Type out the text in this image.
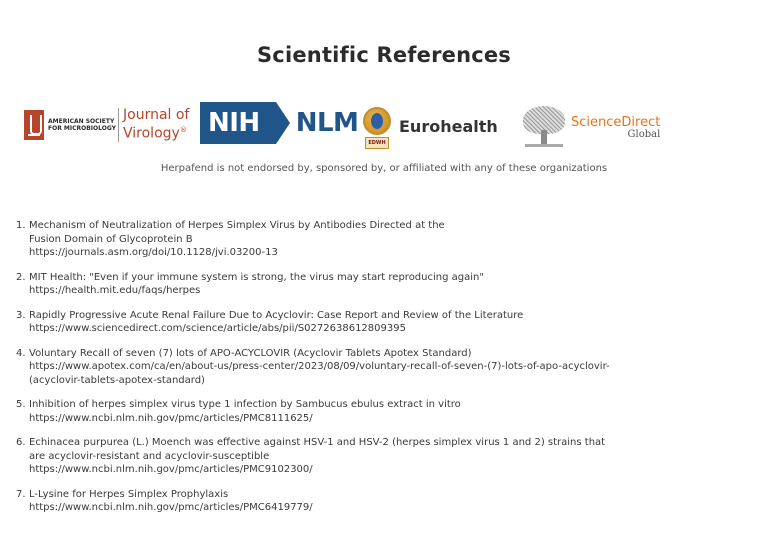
Scientific References
AMERICAN SOCIETY FOR MICROBIOLOGY
Journal of
Virology® NIH	NLM
EDWH
Eurohealth	ScienceDirect
Global

Herpafend is not endorsed by, sponsored by, or affiliated with any of these organizations

1. Mechanism of Neutralization of Herpes Simplex Virus by Antibodies Directed at the
Fusion Domain of Glycoprotein B
https://journals.asm.org/doi/10.1128/jvi.03200-13
2. MIT Health: "Even if your immune system is strong, the virus may start reproducing again"
https://health.mit.edu/faqs/herpes
3. Rapidly Progressive Acute Renal Failure Due to Acyclovir: Case Report and Review of the Literature
https://www.sciencedirect.com/science/article/abs/pii/S0272638612809395
4. Voluntary Recall of seven (7) lots of APO-ACYCLOVIR (Acyclovir Tablets Apotex Standard)
https://www.apotex.com/ca/en/about-us/press-center/2023/08/09/voluntary-recall-of-seven-(7)-lots-of-apo-acyclovir-
(acyclovir-tablets-apotex-standard)
5. Inhibition of herpes simplex virus type 1 infection by Sambucus ebulus extract in vitro
https://www.ncbi.nlm.nih.gov/pmc/articles/PMC8111625/
6. Echinacea purpurea (L.) Moench was effective against HSV-1 and HSV-2 (herpes simplex virus 1 and 2) strains that
are acyclovir-resistant and acyclovir-susceptible
https://www.ncbi.nlm.nih.gov/pmc/articles/PMC9102300/
7. L-Lysine for Herpes Simplex Prophylaxis
https://www.ncbi.nlm.nih.gov/pmc/articles/PMC6419779/
